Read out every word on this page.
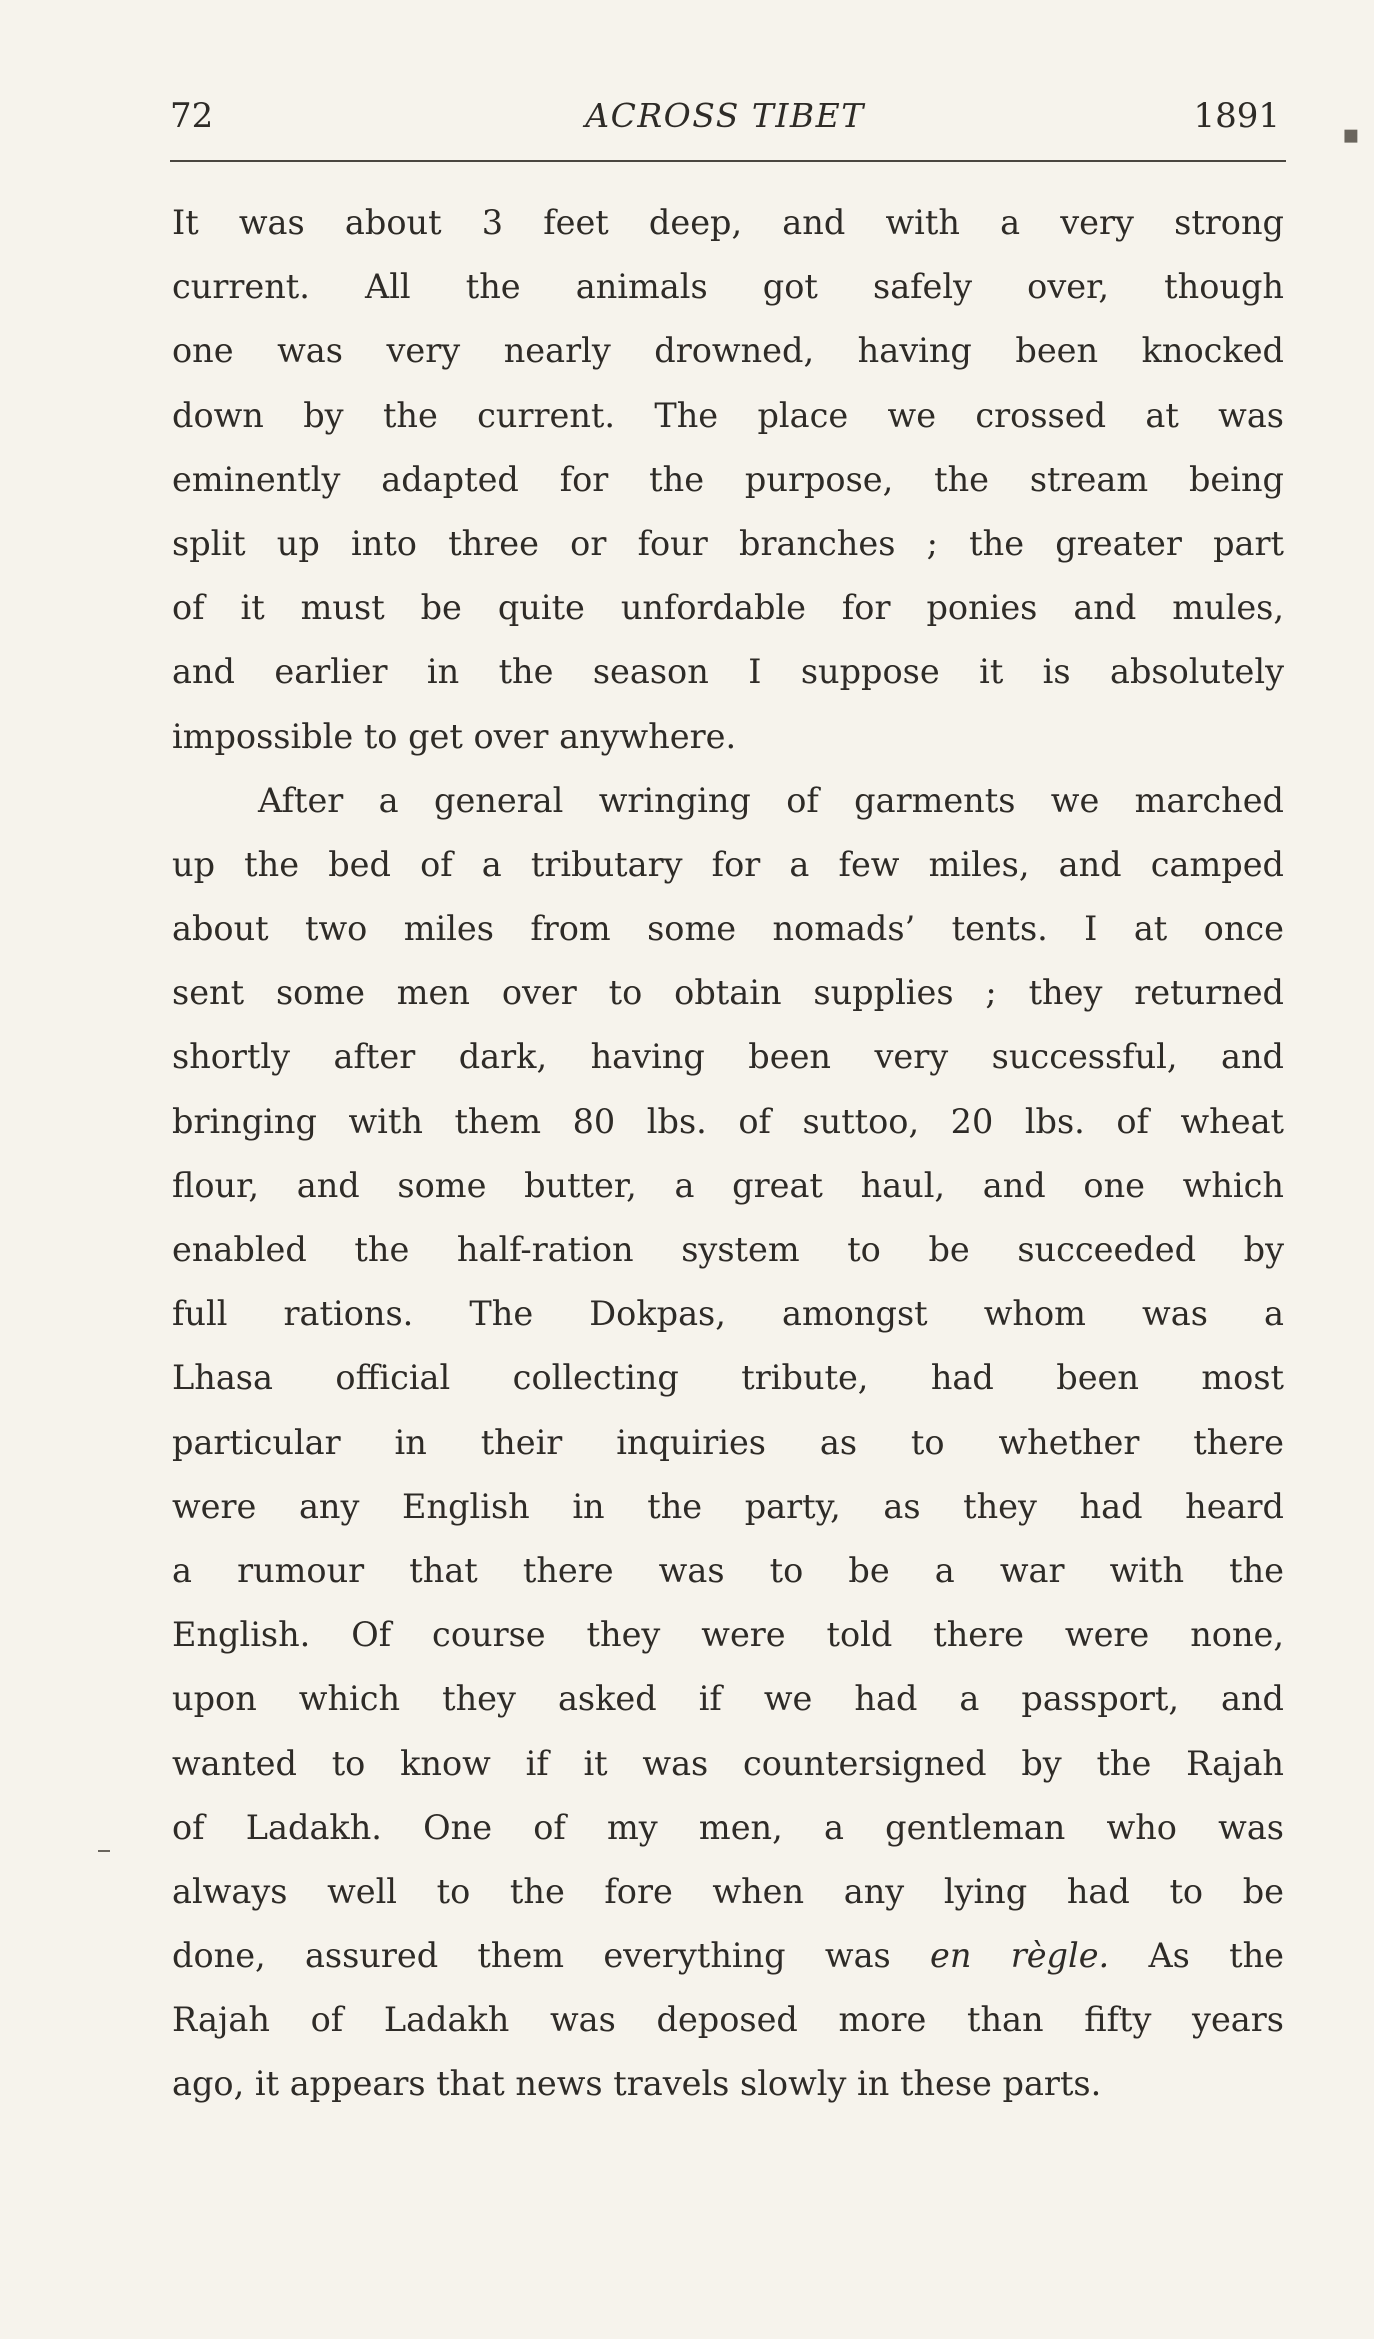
72	ACROSS TIBET	1891 ▪
It was about 3 feet deep, and with a very strong
current. All the animals got safely over, though
one was very nearly drowned, having been knocked
down by the current. The place we crossed at was
eminently adapted for the purpose, the stream being
split up into three or four branches ; the greater part
of it must be quite unfordable for ponies and mules,
and earlier in the season I suppose it is absolutely
impossible to get over anywhere.
After a general wringing of garments we marched
up the bed of a tributary for a few miles, and camped
about two miles from some nomads’ tents. I at once
sent some men over to obtain supplies ; they returned
shortly after dark, having been very successful, and
bringing with them 80 lbs. of suttoo, 20 lbs. of wheat
flour, and some butter, a great haul, and one which
enabled the half-ration system to be succeeded by
full rations. The Dokpas, amongst whom was a
Lhasa official collecting tribute, had been most
particular in their inquiries as to whether there
were any English in the party, as they had heard
a rumour that there was to be a war with the
English. Of course they were told there were none,
upon which they asked if we had a passport, and
wanted to know if it was countersigned by the Rajah
of Ladakh. One of my men, a gentleman who was
always well to the fore when any lying had to be
done, assured them everything was en règle. As the
Rajah of Ladakh was deposed more than fifty years
ago, it appears that news travels slowly in these parts.
